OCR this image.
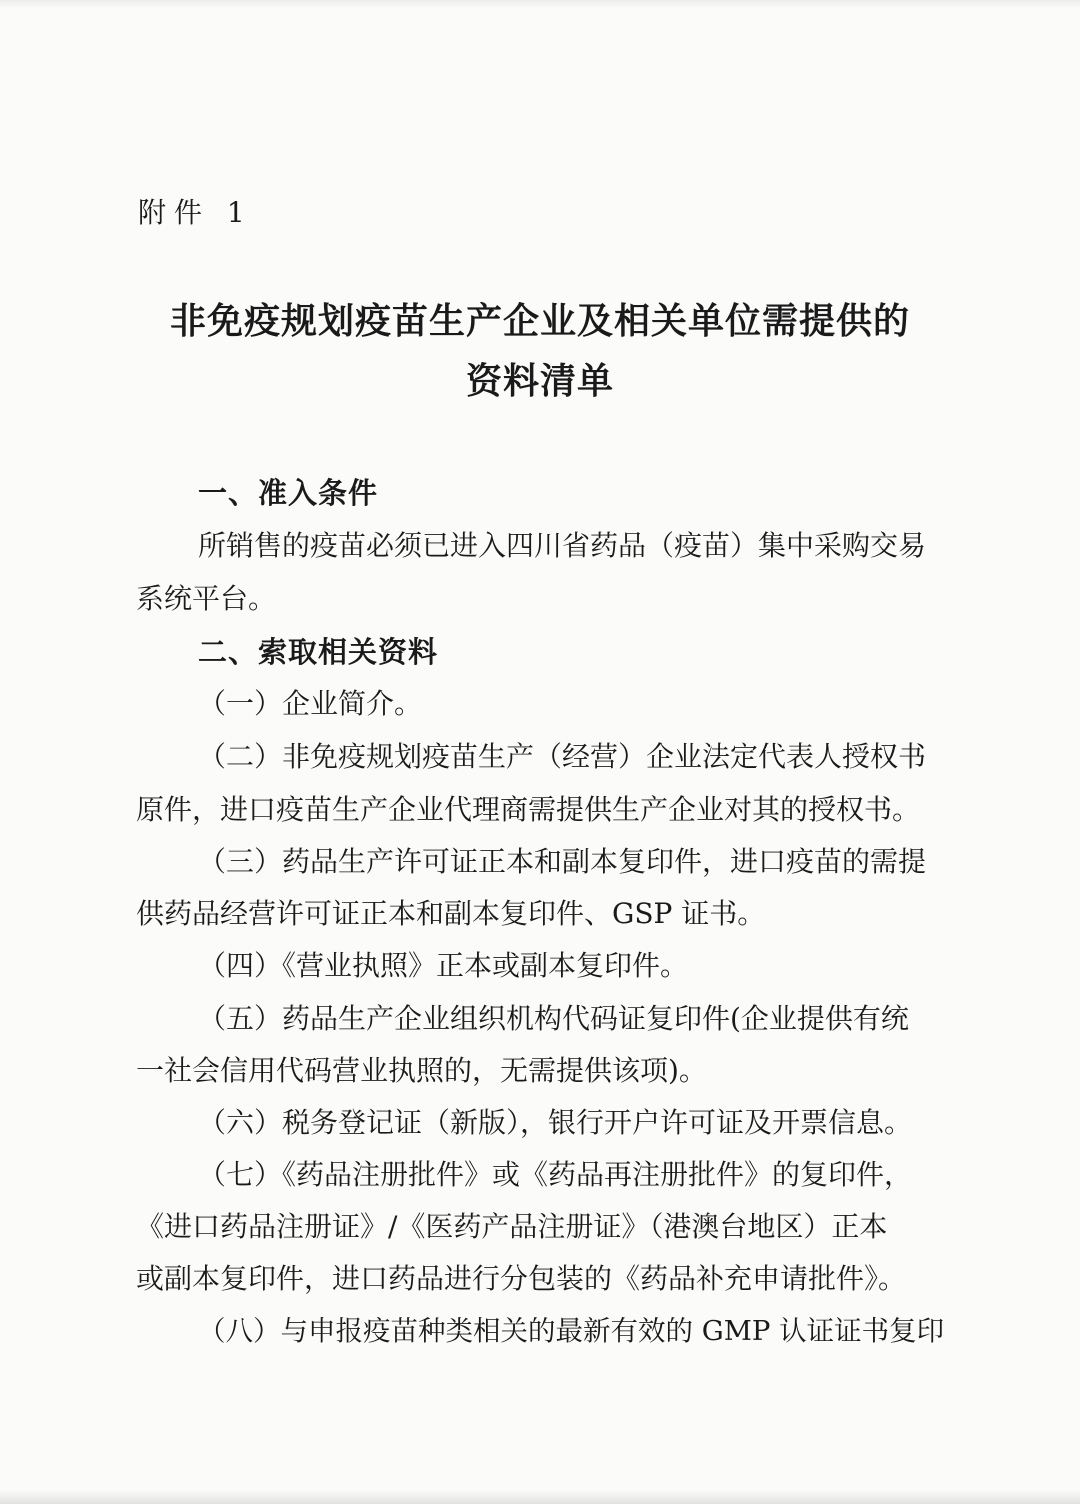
附件 1
非免疫规划疫苗生产企业及相关单位需提供的
资料清单
一、准入条件
所销售的疫苗必须已进入四川省药品（疫苗）集中采购交易
系统平台。
二、索取相关资料
（一）企业简介。
（二）非免疫规划疫苗生产（经营）企业法定代表人授权书
原件，进口疫苗生产企业代理商需提供生产企业对其的授权书。
（三）药品生产许可证正本和副本复印件，进口疫苗的需提
供药品经营许可证正本和副本复印件、GSP 证书。
（四）《营业执照》正本或副本复印件。
（五）药品生产企业组织机构代码证复印件(企业提供有统
一社会信用代码营业执照的，无需提供该项)。
（六）税务登记证（新版），银行开户许可证及开票信息。
（七）《药品注册批件》或《药品再注册批件》的复印件，
《进口药品注册证》/《医药产品注册证》（港澳台地区）正本
或副本复印件，进口药品进行分包装的《药品补充申请批件》。
（八）与申报疫苗种类相关的最新有效的 GMP 认证证书复印
